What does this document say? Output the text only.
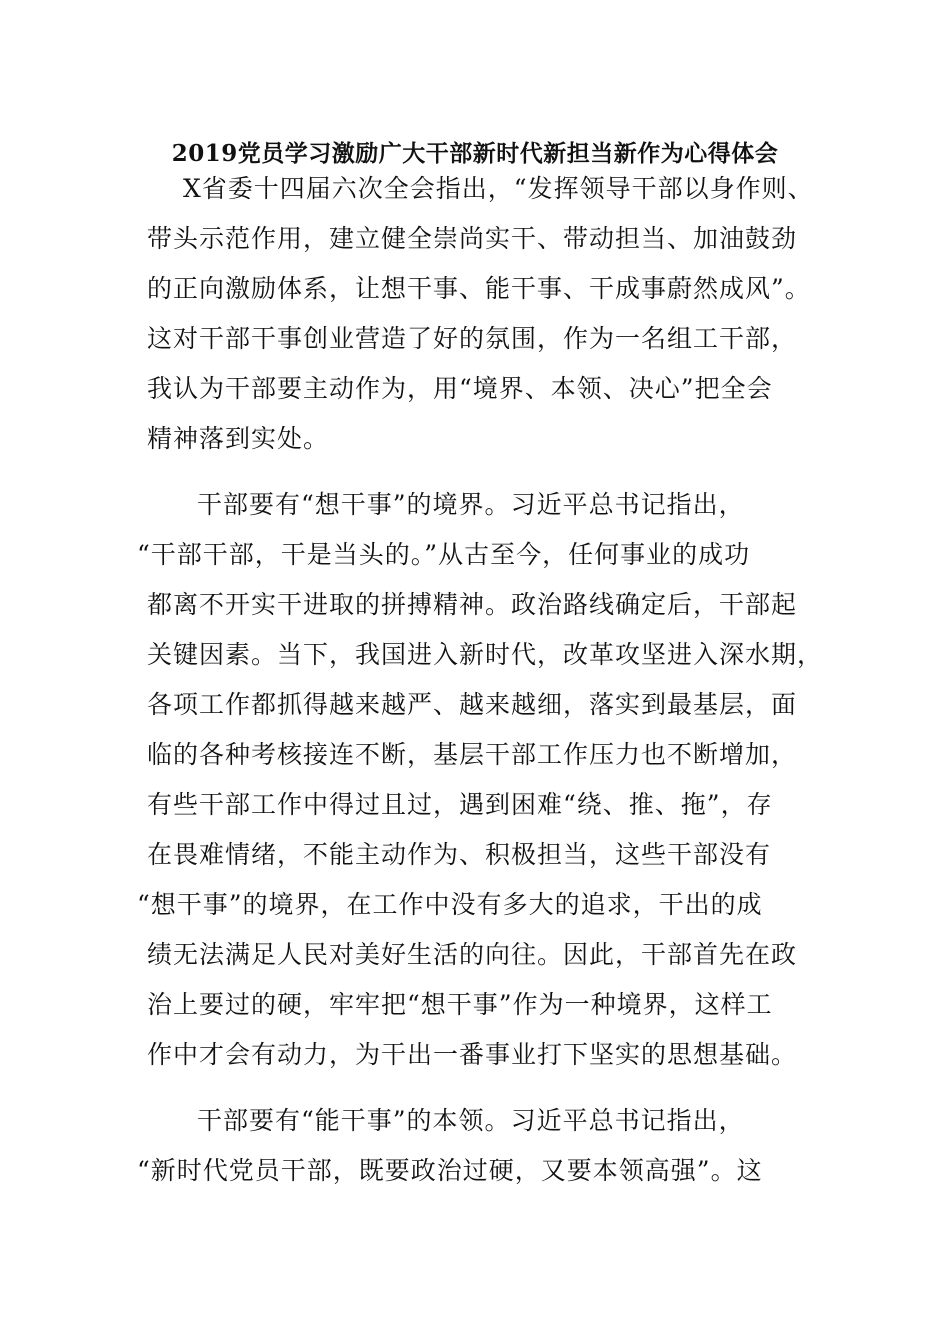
2019党员学习激励广大干部新时代新担当新作为心得体会
X省委十四届六次全会指出，“发挥领导干部以身作则、
带头示范作用，建立健全崇尚实干、带动担当、加油鼓劲
的正向激励体系，让想干事、能干事、干成事蔚然成风”。
这对干部干事创业营造了好的氛围，作为一名组工干部，
我认为干部要主动作为，用“境界、本领、决心”把全会
精神落到实处。
干部要有“想干事”的境界。习近平总书记指出，
“干部干部，干是当头的。”从古至今，任何事业的成功
都离不开实干进取的拼搏精神。政治路线确定后，干部起
关键因素。当下，我国进入新时代，改革攻坚进入深水期，
各项工作都抓得越来越严、越来越细，落实到最基层，面
临的各种考核接连不断，基层干部工作压力也不断增加，
有些干部工作中得过且过，遇到困难“绕、推、拖”，存
在畏难情绪，不能主动作为、积极担当，这些干部没有
“想干事”的境界，在工作中没有多大的追求，干出的成
绩无法满足人民对美好生活的向往。因此，干部首先在政
治上要过的硬，牢牢把“想干事”作为一种境界，这样工
作中才会有动力，为干出一番事业打下坚实的思想基础。
干部要有“能干事”的本领。习近平总书记指出，
“新时代党员干部，既要政治过硬，又要本领高强”。这
